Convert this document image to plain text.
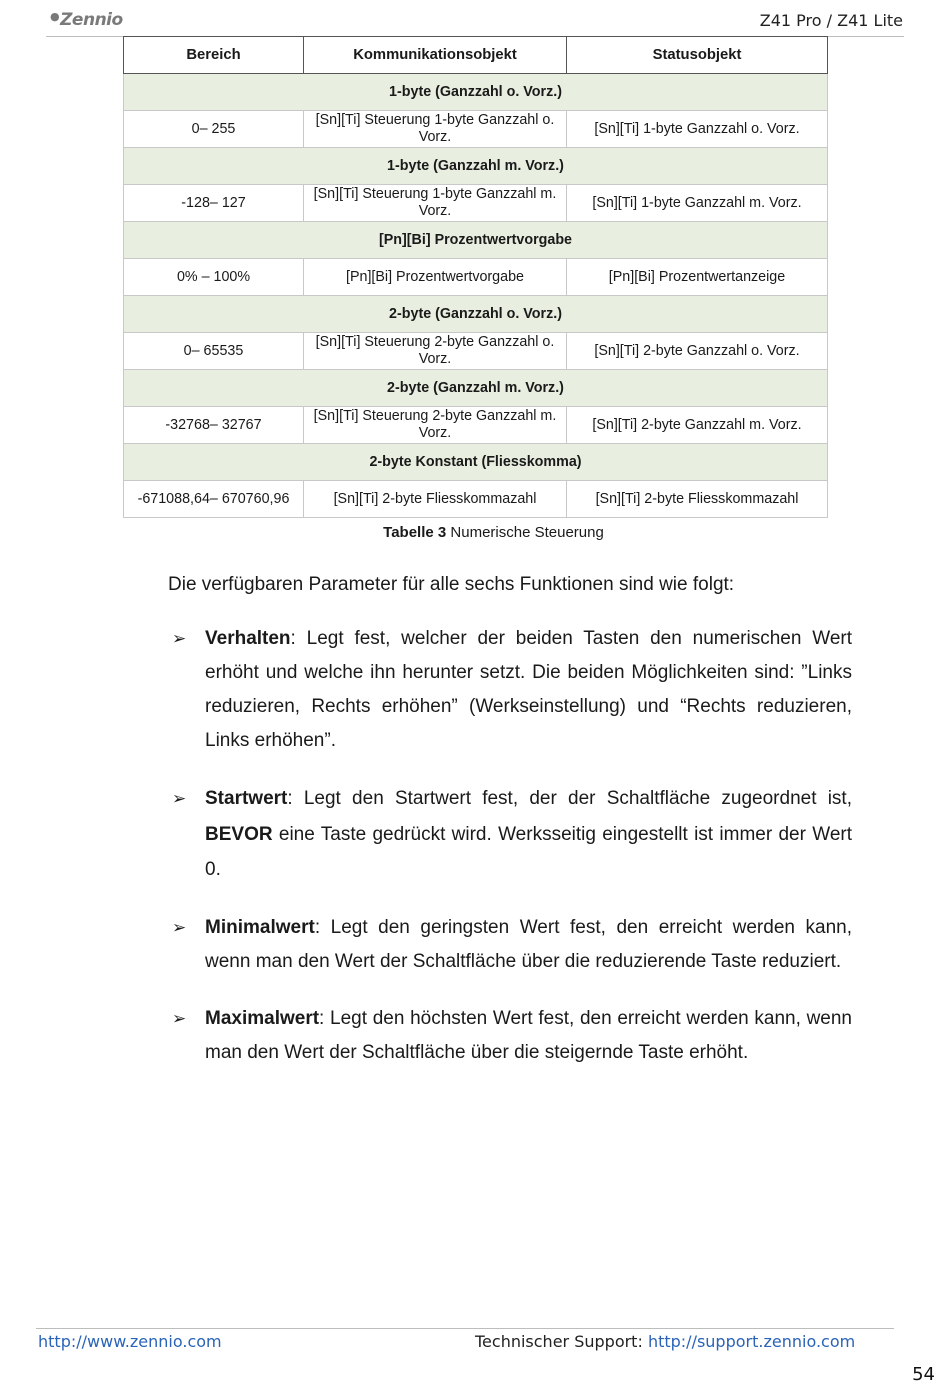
●Zennio	Z41 Pro / Z41 Lite
Bereich	Kommunikationsobjekt	Statusobjekt
1-byte (Ganzzahl o. Vorz.)		
0– 255	[Sn][Ti] Steuerung 1-byte Ganzzahl o. Vorz.	[Sn][Ti] 1-byte Ganzzahl o. Vorz.
1-byte (Ganzzahl m. Vorz.)		
-128– 127	[Sn][Ti] Steuerung 1-byte Ganzzahl m. Vorz.	[Sn][Ti] 1-byte Ganzzahl m. Vorz.
[Pn][Bi] Prozentwertvorgabe		
0% – 100%	[Pn][Bi] Prozentwertvorgabe	[Pn][Bi] Prozentwertanzeige
2-byte (Ganzzahl o. Vorz.)		
0– 65535	[Sn][Ti] Steuerung 2-byte Ganzzahl o. Vorz.	[Sn][Ti] 2-byte Ganzzahl o. Vorz.
2-byte (Ganzzahl m. Vorz.)		
-32768– 32767	[Sn][Ti] Steuerung 2-byte Ganzzahl m. Vorz.	[Sn][Ti] 2-byte Ganzzahl m. Vorz.
2-byte Konstant (Fliesskomma)		
-671088,64– 670760,96	[Sn][Ti] 2-byte Fliesskommazahl	[Sn][Ti] 2-byte Fliesskommazahl
Tabelle 3 Numerische Steuerung

Die verfügbaren Parameter für alle sechs Funktionen sind wie folgt:

➢ Verhalten: Legt fest, welcher der beiden Tasten den numerischen Wert erhöht und welche ihn herunter setzt. Die beiden Möglichkeiten sind: ”Links reduzieren, Rechts erhöhen” (Werkseinstellung) und “Rechts reduzieren, Links erhöhen”.
➢ Startwert: Legt den Startwert fest, der der Schaltfläche zugeordnet ist, BEVOR eine Taste gedrückt wird. Werksseitig eingestellt ist immer der Wert 0.
➢ Minimalwert: Legt den geringsten Wert fest, den erreicht werden kann, wenn man den Wert der Schaltfläche über die reduzierende Taste reduziert.
➢ Maximalwert: Legt den höchsten Wert fest, den erreicht werden kann, wenn man den Wert der Schaltfläche über die steigernde Taste erhöht.
http://www.zennio.com	Technischer Support: http://support.zennio.com
54
